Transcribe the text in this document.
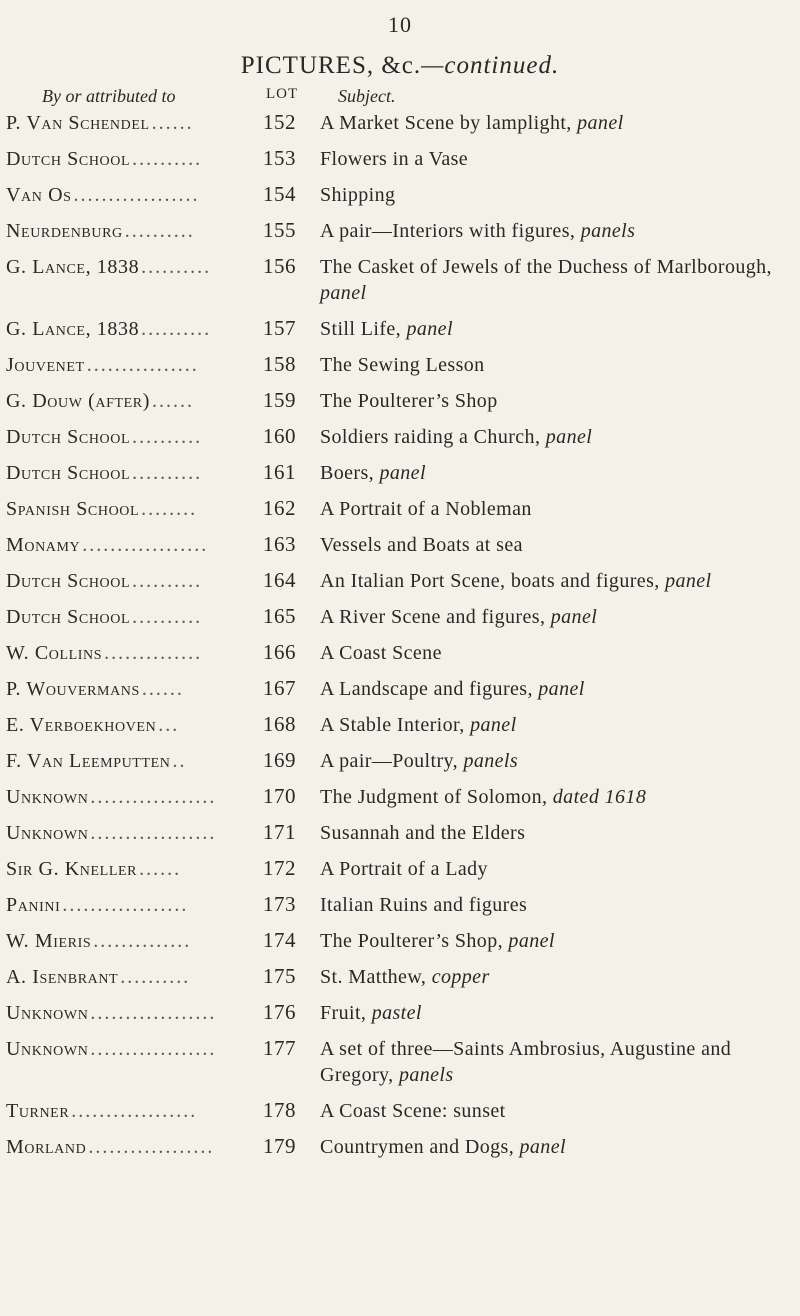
10
PICTURES, &c.—continued.
By or attributed to	LOT Subject.
P. Van Schendel ......	152	A Market Scene by lamplight, panel
Dutch School ..........	153	Flowers in a Vase
Van Os ..................	154	Shipping
Neurdenburg ..........	155	A pair—Interiors with figures, panels
G. Lance, 1838 ..........	156	The Casket of Jewels of the Duchess of Marlborough, panel
G. Lance, 1838 ..........	157	Still Life, panel
Jouvenet ................	158	The Sewing Lesson
G. Douw (after) ......	159	The Poulterer’s Shop
Dutch School ..........	160	Soldiers raiding a Church, panel
Dutch School ..........	161	Boers, panel
Spanish School ........	162	A Portrait of a Nobleman
Monamy ..................	163	Vessels and Boats at sea
Dutch School ..........	164	An Italian Port Scene, boats and figures, panel
Dutch School ..........	165	A River Scene and figures, panel
W. Collins ..............	166	A Coast Scene
P. Wouvermans ......	167	A Landscape and figures, panel
E. Verboekhoven ...	168	A Stable Interior, panel
F. Van Leemputten ..	169	A pair—Poultry, panels
Unknown ..................	170	The Judgment of Solomon, dated 1618
Unknown ..................	171	Susannah and the Elders
Sir G. Kneller ......	172	A Portrait of a Lady
Panini ..................	173	Italian Ruins and figures
W. Mieris ..............	174	The Poulterer’s Shop, panel
A. Isenbrant ..........	175	St. Matthew, copper
Unknown ..................	176	Fruit, pastel
Unknown ..................	177	A set of three—Saints Ambrosius, Augustine and Gregory, panels
Turner ..................	178	A Coast Scene: sunset
Morland ..................	179	Countrymen and Dogs, panel
